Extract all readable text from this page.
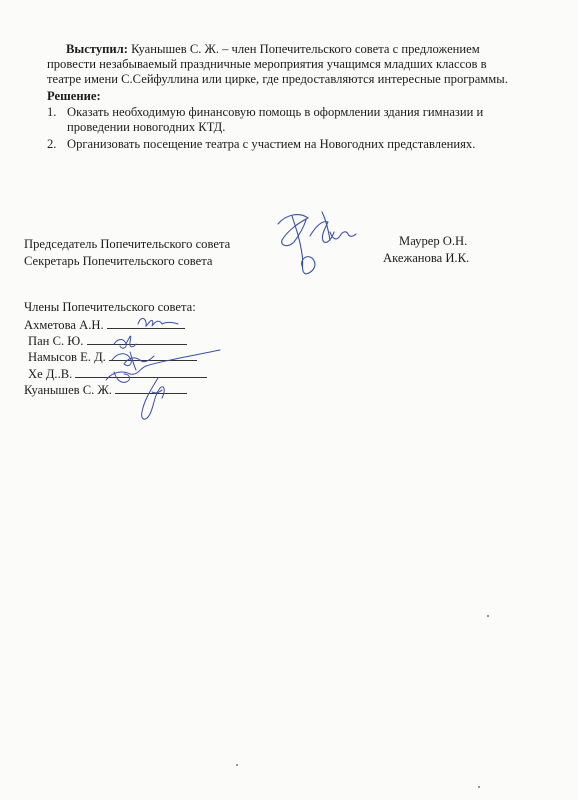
Выступил: Куанышев С. Ж. – член Попечительского совета с предложением
провести незабываемый праздничные мероприятия учащимся младших классов в
театре имени С.Сейфуллина или цирке, где предоставляются интересные программы.
Решение:
1. Оказать необходимую финансовую помощь в оформлении здания гимназии и
проведении новогодних КТД.
2. Организовать посещение театра с участием на Новогодних представлениях.
Председатель Попечительского совета
Секретарь Попечительского совета
Маурер О.Н.
Акежанова И.К.
Члены Попечительского совета:
Ахметова А.Н.
Пан С. Ю.
Намысов Е. Д.
Хе Д..В.
Куанышев С. Ж.
